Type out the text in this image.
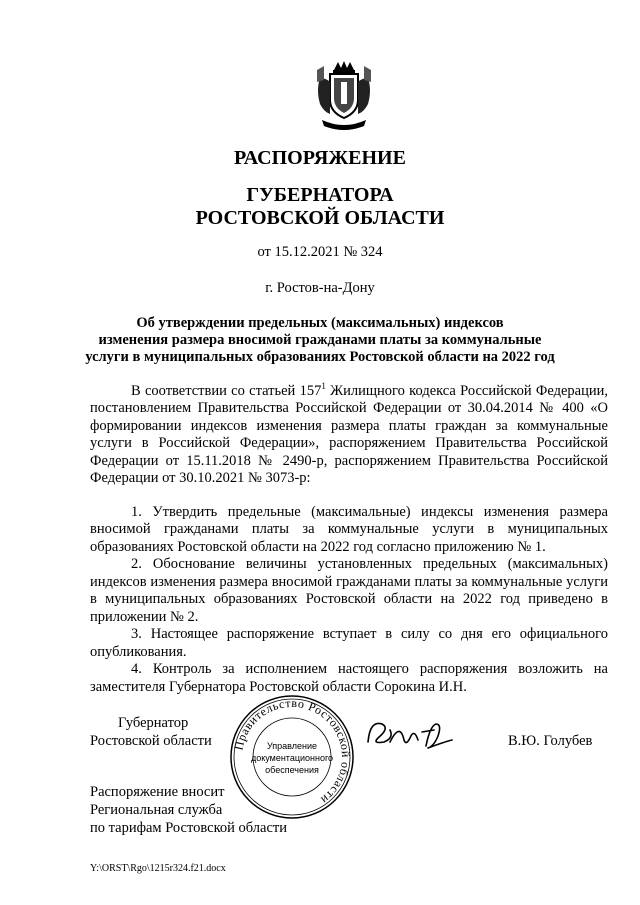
РАСПОРЯЖЕНИЕ
ГУБЕРНАТОРА
РОСТОВСКОЙ ОБЛАСТИ
от 15.12.2021 № 324
г. Ростов-на-Дону
Об утверждении предельных (максимальных) индексов
изменения размера вносимой гражданами платы за коммунальные
услуги в муниципальных образованиях Ростовской области на 2022 год

В соответствии со статьей $157^1$ Жилищного кодекса Российской Федерации, постановлением Правительства Российской Федерации от 30.04.2014 № 400 «О формировании индексов изменения размера платы граждан за коммунальные услуги в Российской Федерации», распоряжением Правительства Российской Федерации от 15.11.2018 № 2490-р, распоряжением Правительства Российской Федерации от 30.10.2021 № 3073-р:

1. Утвердить предельные (максимальные) индексы изменения размера вносимой гражданами платы за коммунальные услуги в муниципальных образованиях Ростовской области на 2022 год согласно приложению № 1.

2. Обоснование величины установленных предельных (максимальных) индексов изменения размера вносимой гражданами платы за коммунальные услуги в муниципальных образованиях Ростовской области на 2022 год приведено в приложении № 2.

3. Настоящее распоряжение вступает в силу со дня его официального опубликования.

4. Контроль за исполнением настоящего распоряжения возложить на заместителя Губернатора Ростовской области Сорокина И.Н.

Губернатор
Ростовской области Правительство Ростовской области
Управление
документационного
обеспечения
В.Ю. Голубев
Распоряжение вносит
Региональная служба
по тарифам Ростовской области
Y:\ORST\Rgo\1215r324.f21.docx
